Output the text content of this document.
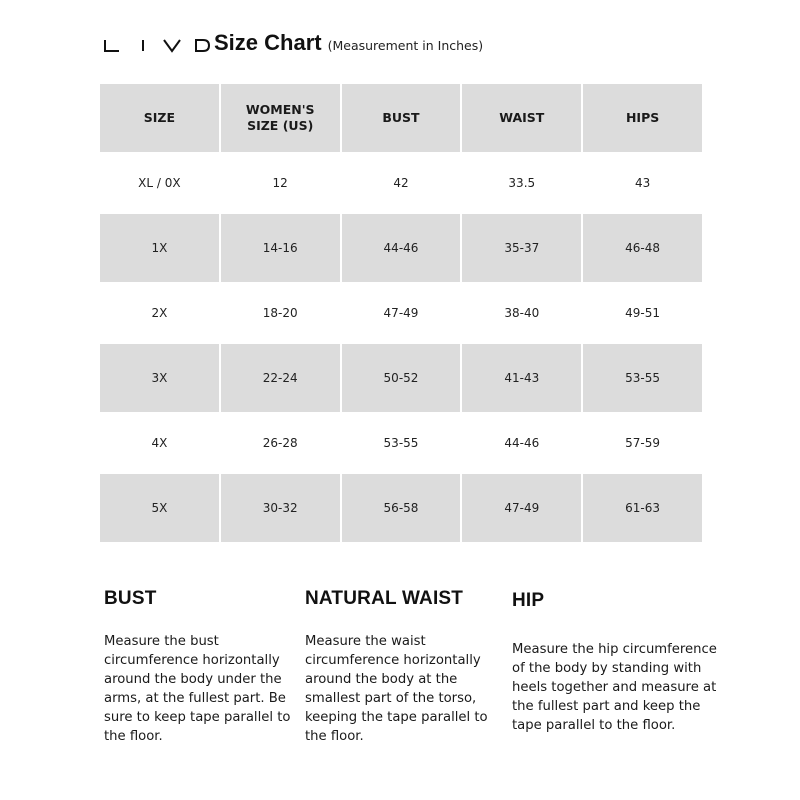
Size Chart (Measurement in Inches)
SIZE	WOMEN'S SIZE (US)	BUST	WAIST	HIPS
XL / 0X	12	42	33.5	43
1X	14-16	44-46	35-37	46-48
2X	18-20	47-49	38-40	49-51
3X	22-24	50-52	41-43	53-55
4X	26-28	53-55	44-46	57-59
5X	30-32	56-58	47-49	61-63
BUST

Measure the bust circumference horizontally around the body under the arms, at the fullest part. Be sure to keep tape parallel to the floor.

NATURAL WAIST

Measure the waist circumference horizontally around the body at the smallest part of the torso, keeping the tape parallel to the floor.

HIP

Measure the hip circumference of the body by standing with heels together and measure at the fullest part and keep the tape parallel to the floor.
